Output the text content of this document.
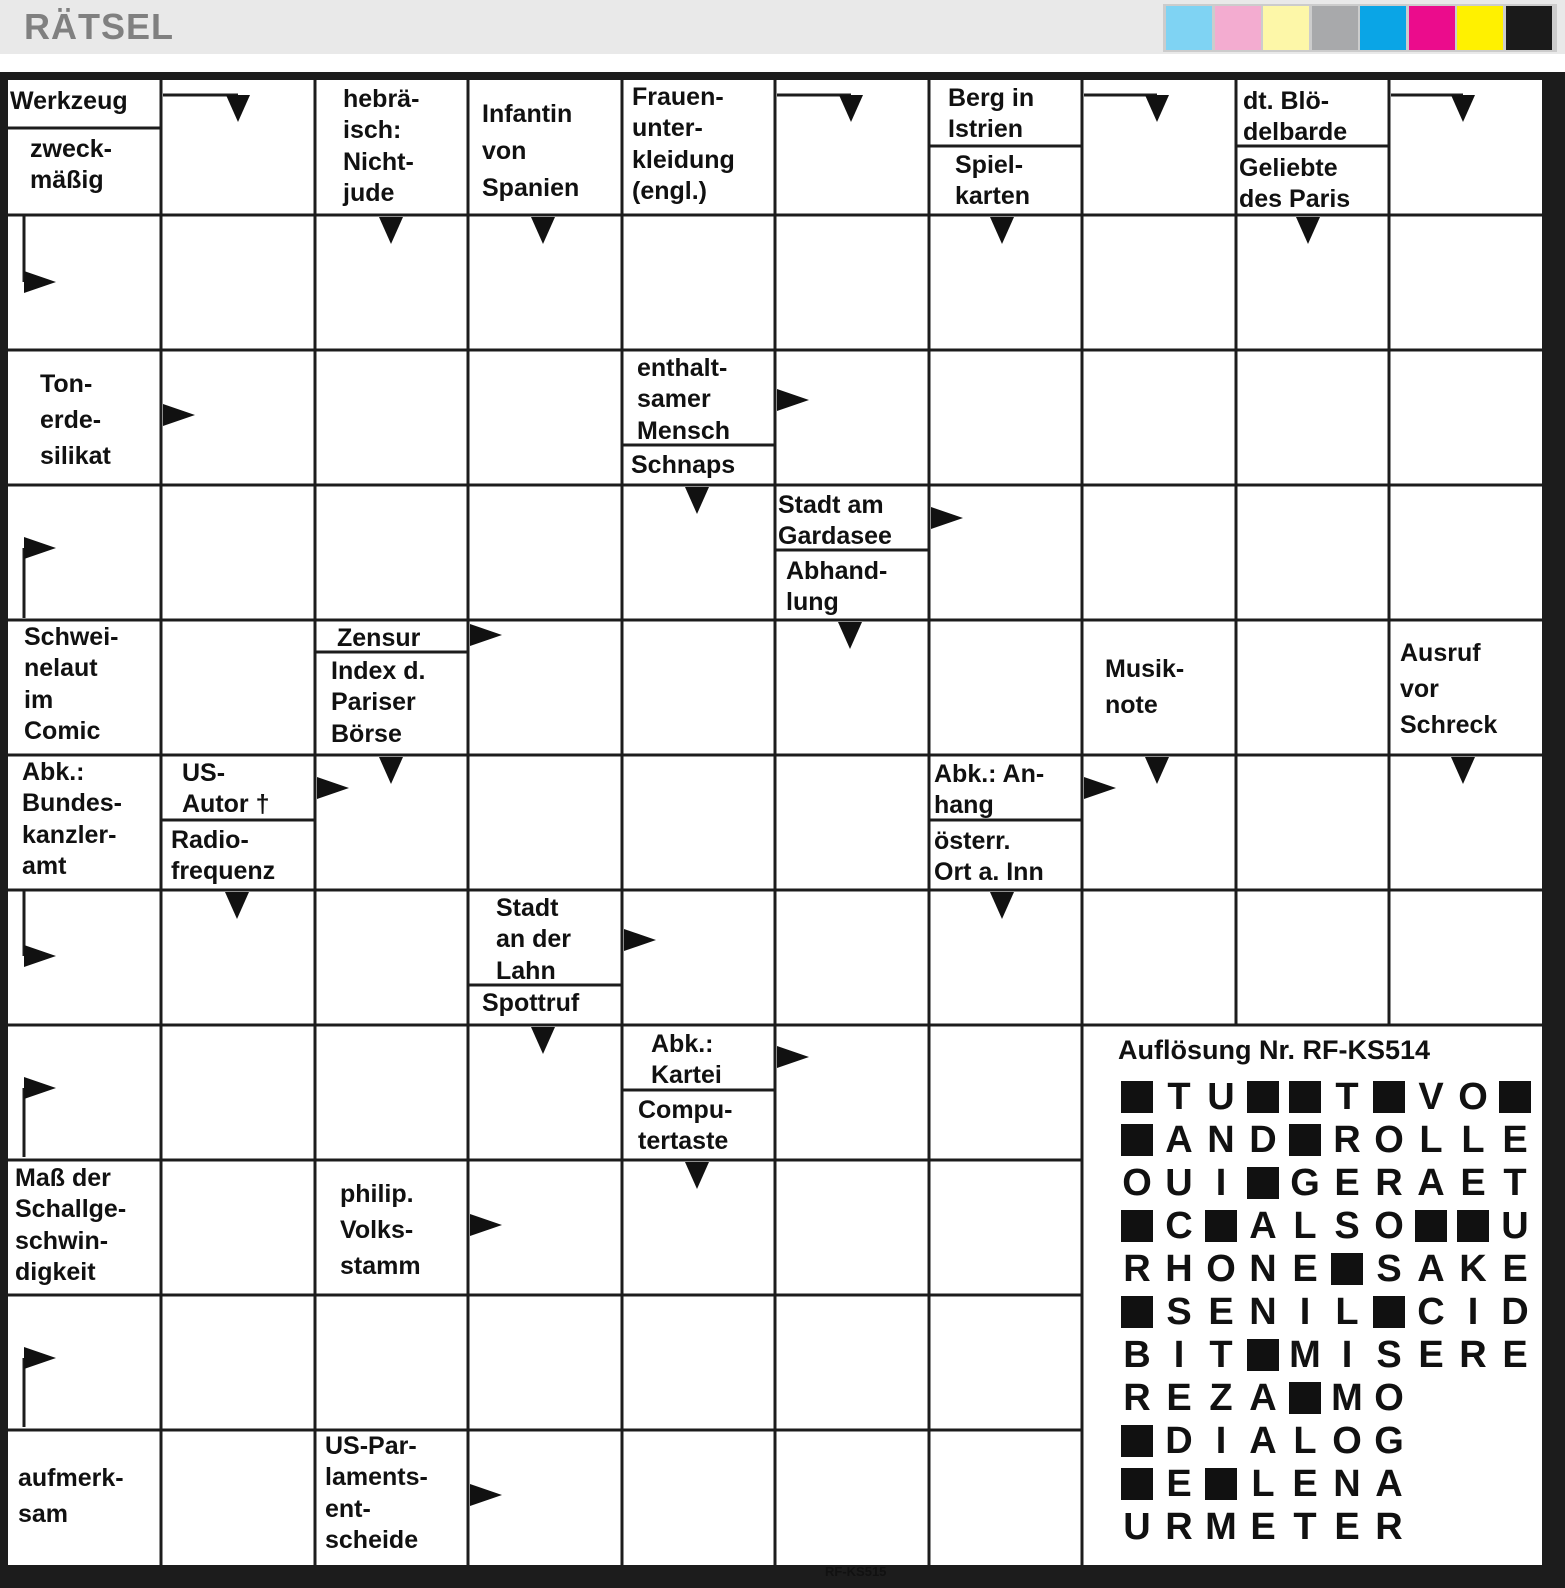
RÄTSEL
Werkzeug
zweck-
mäßig
hebrä-
isch:
Nicht-
jude
Infantin
von
Spanien
Frauen-
unter-
kleidung
(engl.)
Berg in
Istrien
Spiel-
karten
dt. Blö-
delbarde
Geliebte
des Paris
Ton-
erde-
silikat
enthalt-
samer
Mensch
Schnaps
Stadt am
Gardasee
Abhand-
lung
Schwei-
nelaut
im
Comic
Zensur
Index d.
Pariser
Börse
Musik-
note
Ausruf
vor
Schreck
Abk.:
Bundes-
kanzler-
amt
US-
Autor †
Radio-
frequenz
Abk.: An-
hang
österr.
Ort a. Inn
Stadt
an der
Lahn
Spottruf
Abk.:
Kartei
Compu-
tertaste
Maß der
Schallge-
schwin-
digkeit
philip.
Volks-
stamm
aufmerk-
sam
US-Par-
laments-
ent-
scheide
Auflösung Nr. RF-KS514
T U	T V O
A N D R O L L E
O U I	G E R A E T
C A L S O	U
R H O N E S A K E
S E N I L C I D
B I T M I S E R E
R E Z A M O
D I A L O G
E L E N A
U R M E T E R
RF-KS515
